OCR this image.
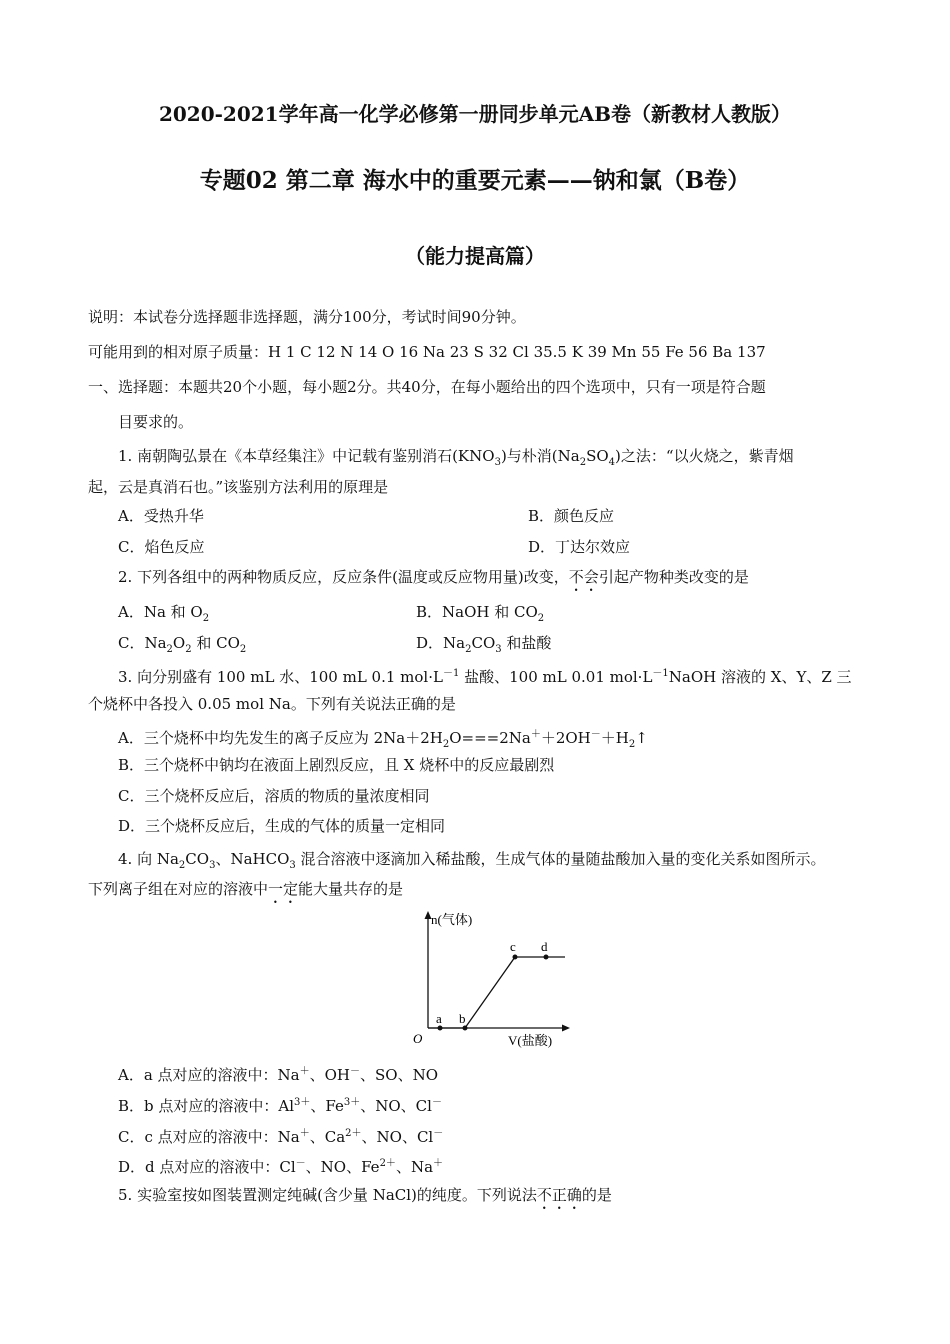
2020-2021学年高一化学必修第一册同步单元AB卷（新教材人教版）
专题02 第二章 海水中的重要元素——钠和氯（B卷）
（能力提高篇）
说明：本试卷分选择题非选择题，满分100分，考试时间90分钟。
可能用到的相对原子质量：H 1 C 12 N 14 O 16 Na 23 S 32 Cl 35.5 K 39 Mn 55 Fe 56 Ba 137
一、选择题：本题共20个小题，每小题2分。共40分，在每小题给出的四个选项中，只有一项是符合题
目要求的。
1. 南朝陶弘景在《本草经集注》中记载有鉴别消石$(KNO_3)$与朴消$(Na_2SO_4)$之法：“以火烧之，紫青烟
起，云是真消石也。”该鉴别方法利用的原理是
A．受热升华	B．颜色反应
C．焰色反应	D．丁达尔效应
2. 下列各组中的两种物质反应，反应条件(温度或反应物用量)改变，不会引起产物种类改变的是
A．Na 和 $O_2$	B．NaOH 和 $CO_2$
C．$Na_2O_2$ 和 $CO_2$	D．$Na_2CO_3$ 和盐酸
3. 向分别盛有 100 mL 水、100 mL 0.1 $mol\cdot L^{-1}$ 盐酸、100 mL 0.01 $mol\cdot L^{-1}NaOH$ 溶液的 X、Y、Z 三
个烧杯中各投入 0.05 mol Na。下列有关说法正确的是
A．三个烧杯中均先发生的离子反应为 $2Na+2H_2O===2Na^++2OH^-+H_2↑$
B．三个烧杯中钠均在液面上剧烈反应，且 X 烧杯中的反应最剧烈
C．三个烧杯反应后，溶质的物质的量浓度相同
D．三个烧杯反应后，生成的气体的质量一定相同
4. 向 $Na_2CO_3$、NaHCO$_3$ 混合溶液中逐滴加入稀盐酸，生成气体的量随盐酸加入量的变化关系如图所示。
下列离子组在对应的溶液中一定能大量共存的是
n(气体)
V(盐酸)
O
a b
c d
A．a 点对应的溶液中：Na＋、OH－、SO、NO
B．b 点对应的溶液中：$Al^{3+}$、$Fe^{3+}$、NO、Cl－
C．c 点对应的溶液中：Na＋、$Ca^{2+}$、NO、Cl－
D．d 点对应的溶液中：Cl－、NO、$Fe^{2+}$、Na＋
5. 实验室按如图装置测定纯碱(含少量 NaCl)的纯度。下列说法不正确的是
